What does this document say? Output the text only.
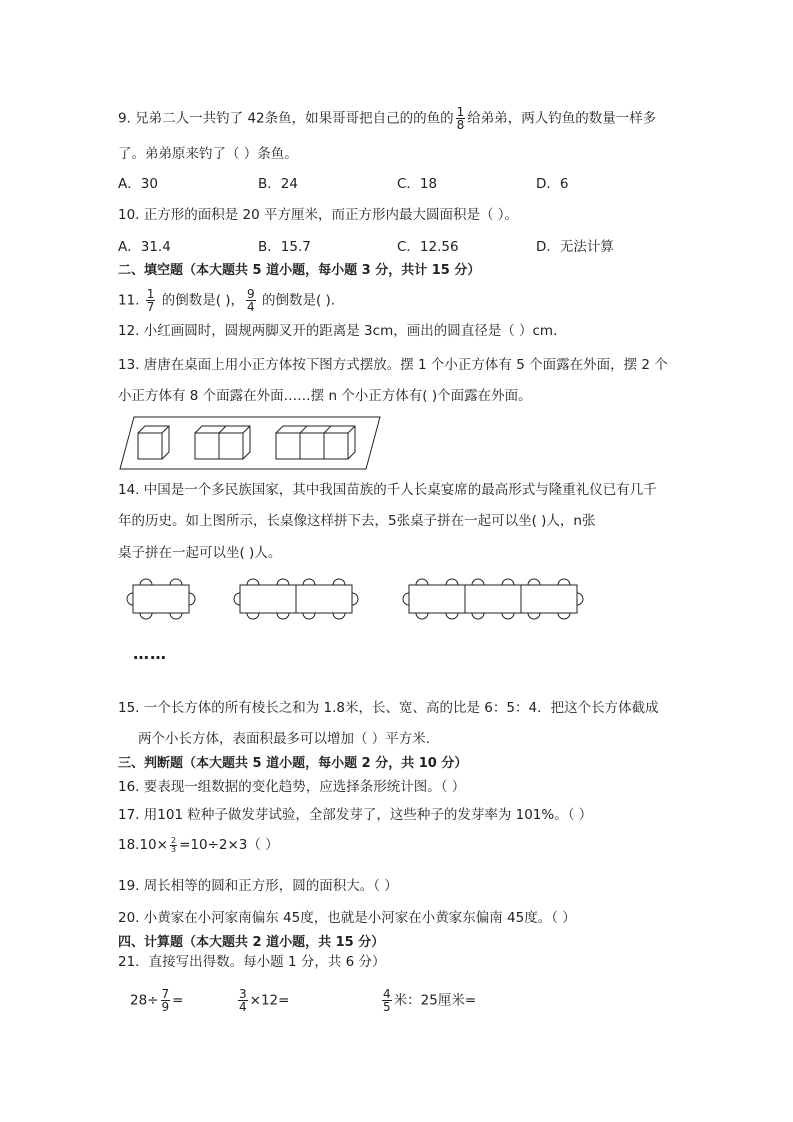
9. 兄弟二人一共钓了 42条鱼，如果哥哥把自己的的鱼的 $\frac{1}{8}$ 给弟弟，两人钓鱼的数量一样多
了。弟弟原来钓了（ ）条鱼。
A．30	B．24	C．18	D．6
10. 正方形的面积是 20 平方厘米，而正方形内最大圆面积是（ ）。
A．31.4	B．15.7	C．12.56	D．无法计算
二、填空题（本大题共 5 道小题，每小题 3 分，共计 15 分）
11. $\frac{1}{7}$ 的倒数是( )， $\frac{9}{4}$ 的倒数是( ).
12. 小红画圆时，圆规两脚叉开的距离是 3cm，画出的圆直径是（ ）cm.
13. 唐唐在桌面上用小正方体按下图方式摆放。摆 1 个小正方体有 5 个面露在外面，摆 2 个
小正方体有 8 个面露在外面……摆 n 个小正方体有( )个面露在外面。
14. 中国是一个多民族国家，其中我国苗族的千人长桌宴席的最高形式与隆重礼仪已有几千
年的历史。如上图所示，长桌像这样拼下去，5张桌子拼在一起可以坐( )人，n张
桌子拼在一起可以坐( )人。
……
15. 一个长方体的所有棱长之和为 1.8米，长、宽、高的比是 6：5：4．把这个长方体截成
两个小长方体，表面积最多可以增加（ ）平方米.
三、判断题（本大题共 5 道小题，每小题 2 分，共 10 分）
16. 要表现一组数据的变化趋势，应选择条形统计图。（ ）
17. 用101 粒种子做发芽试验，全部发芽了，这些种子的发芽率为 101%。（ ）
$18.10\times \frac{2}{3} =10\div 2\times 3$（ ）
19. 周长相等的圆和正方形，圆的面积大。（ ）
20. 小黄家在小河家南偏东 45度，也就是小河家在小黄家东偏南 45度。（ ）
四、计算题（本大题共 2 道小题，共 15 分）
21．直接写出得数。每小题 1 分，共 6 分）
$28\div \frac{7}{9}$ =	$\frac{3}{4} \times 12=$	$\frac{4}{5}$ 米：25厘米=
